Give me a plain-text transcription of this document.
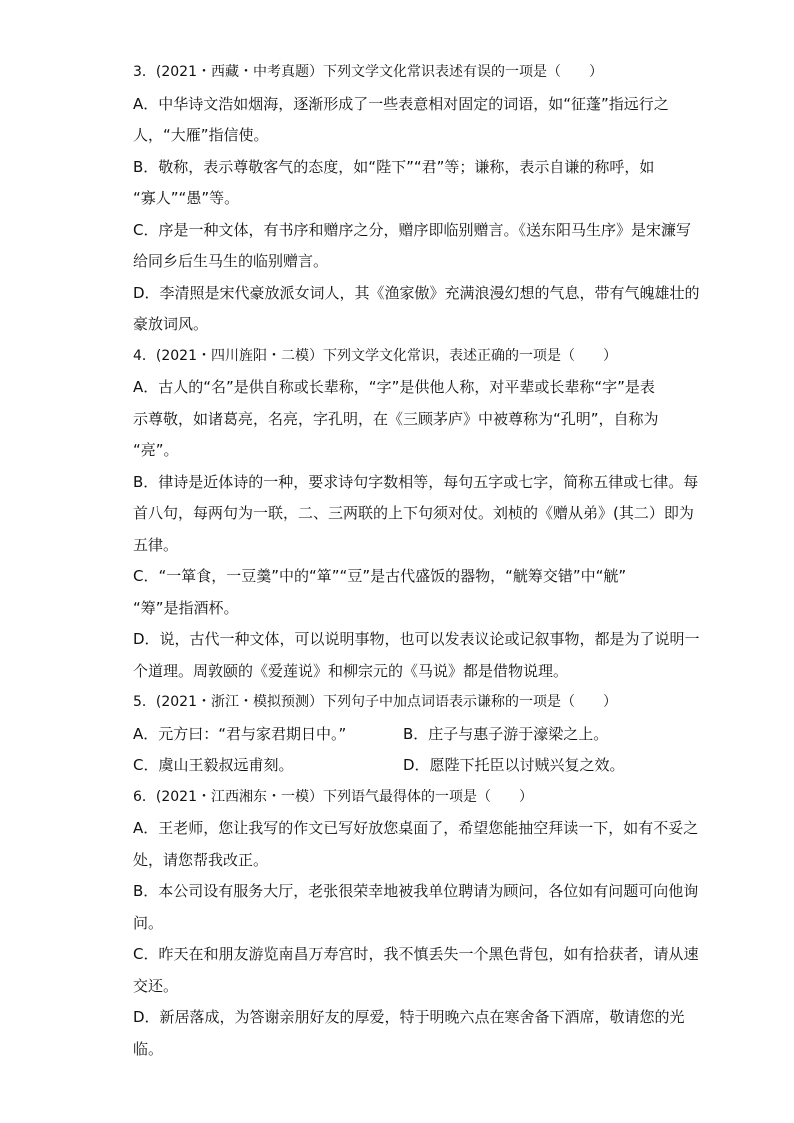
3．(2021・西藏・中考真题）下列文学文化常识表述有误的一项是（　　）
A．中华诗文浩如烟海，逐渐形成了一些表意相对固定的词语，如“征蓬”指远行之
人，“大雁”指信使。
B．敬称，表示尊敬客气的态度，如“陛下”“君”等；谦称，表示自谦的称呼，如
“寡人”“愚”等。
C．序是一种文体，有书序和赠序之分，赠序即临别赠言。《送东阳马生序》是宋濂写
给同乡后生马生的临别赠言。
D．李清照是宋代豪放派女词人，其《渔家傲》充满浪漫幻想的气息，带有气魄雄壮的
豪放词风。
4．(2021・四川旌阳・二模）下列文学文化常识，表述正确的一项是（　　）
A．古人的“名”是供自称或长辈称，“字”是供他人称，对平辈或长辈称“字”是表
示尊敬，如诸葛亮，名亮，字孔明，在《三顾茅庐》中被尊称为“孔明”，自称为
“亮”。
B．律诗是近体诗的一种，要求诗句字数相等，每句五字或七字，简称五律或七律。每
首八句，每两句为一联，二、三两联的上下句须对仗。刘桢的《赠从弟》(其二）即为
五律。
C．“一箪食，一豆羹”中的“箪”“豆”是古代盛饭的器物，“觥筹交错”中“觥”
“筹”是指酒杯。
D．说，古代一种文体，可以说明事物，也可以发表议论或记叙事物，都是为了说明一
个道理。周敦颐的《爱莲说》和柳宗元的《马说》都是借物说理。
5．(2021・浙江・模拟预测）下列句子中加点词语表示谦称的一项是（　　）
A．元方曰：“君与家君期日中。”	B．庄子与惠子游于濠梁之上。
C．虞山王毅叔远甫刻。	D．愿陛下托臣以讨贼兴复之效。
6．(2021・江西湘东・一模）下列语气最得体的一项是（　　）
A．王老师，您让我写的作文已写好放您桌面了，希望您能抽空拜读一下，如有不妥之
处，请您帮我改正。
B．本公司设有服务大厅，老张很荣幸地被我单位聘请为顾问，各位如有问题可向他询
问。
C．昨天在和朋友游览南昌万寿宫时，我不慎丢失一个黑色背包，如有拾获者，请从速
交还。
D．新居落成，为答谢亲朋好友的厚爱，特于明晚六点在寒舍备下酒席，敬请您的光
临。
